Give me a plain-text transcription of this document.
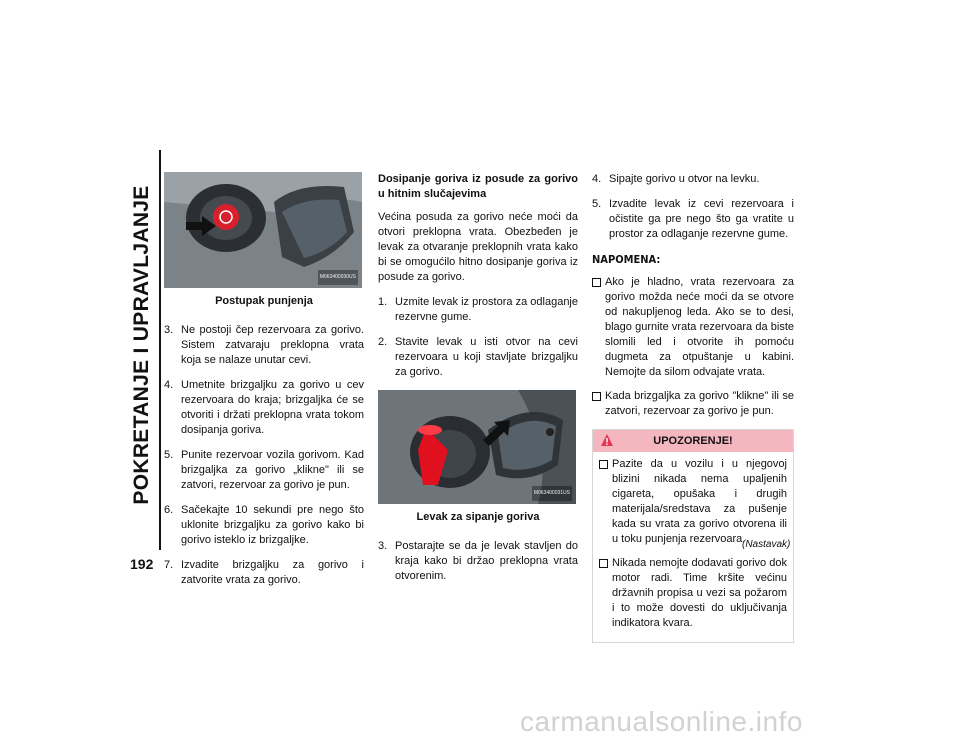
POKRETANJE I UPRAVLJANJE
192
M063400030US
Postupak punjenja
3. Ne postoji čep rezervoara za gorivo. Sistem zatvaraju preklopna vrata koja se nalaze unutar cevi.
4. Umetnite brizgaljku za gorivo u cev rezervoara do kraja; brizgaljka će se otvoriti i držati preklopna vrata tokom dosipanja goriva.
5. Punite rezervoar vozila gorivom. Kad brizgaljka za gorivo „klikne" ili se zatvori, rezervoar za gorivo je pun.
6. Sačekajte 10 sekundi pre nego što uklonite brizgaljku za gorivo kako bi gorivo isteklo iz brizgaljke.
7. Izvadite brizgaljku za gorivo i zatvorite vrata za gorivo.
Dosipanje goriva iz posude za gorivo u hitnim slučajevima
Većina posuda za gorivo neće moći da otvori preklopna vrata. Obezbeđen je levak za otvaranje preklopnih vrata kako bi se omogućilo hitno dosipanje goriva iz posude za gorivo.
1. Uzmite levak iz prostora za odlaganje rezervne gume.
2. Stavite levak u isti otvor na cevi rezervoara u koji stavljate brizgaljku za gorivo.
M063400031US
Levak za sipanje goriva
3. Postarajte se da je levak stavljen do kraja kako bi držao preklopna vrata otvorenim.
4. Sipajte gorivo u otvor na levku.
5. Izvadite levak iz cevi rezervoara i očistite ga pre nego što ga vratite u prostor za odlaganje rezervne gume.
NAPOMENA:
Ako je hladno, vrata rezervoara za gorivo možda neće moći da se otvore od nakupljenog leda. Ako se to desi, blago gurnite vrata rezervoara da biste slomili led i otvorite ih pomoću dugmeta za otpuštanje u kabini. Nemojte da silom odvajate vrata.
Kada brizgaljka za gorivo "klikne" ili se zatvori, rezervoar za gorivo je pun.
UPOZORENJE!
Pazite da u vozilu i u njegovoj blizini nikada nema upaljenih cigareta, opušaka i drugih materijala/sredstava za pušenje kada su vrata za gorivo otvorena ili u toku punjenja rezervoara.
Nikada nemojte dodavati gorivo dok motor radi. Time kršite većinu državnih propisa u vezi sa požarom i to može dovesti do uključivanja indikatora kvara.
(Nastavak)
carmanualsonline.info
